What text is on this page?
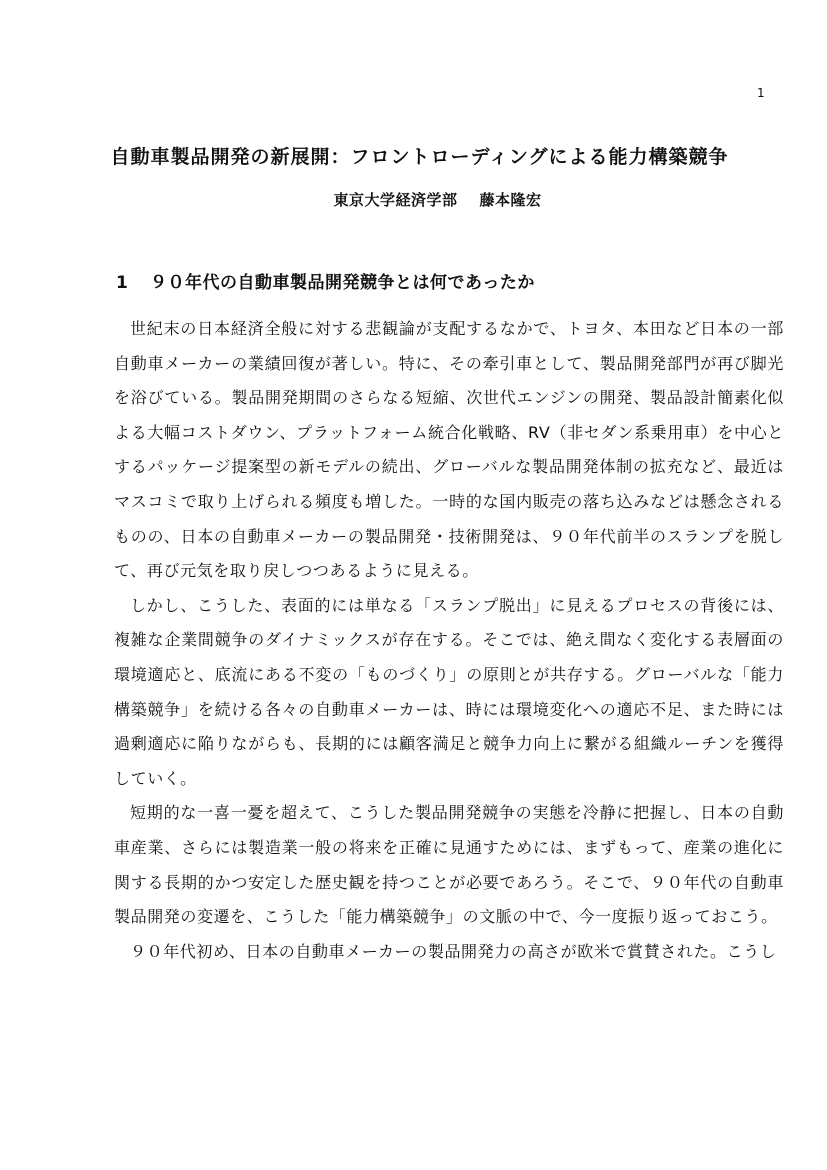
1
自動車製品開発の新展開：フロントローディングによる能力構築競争
東京大学経済学部 藤本隆宏
1 ９０年代の自動車製品開発競争とは何であったか

世紀末の日本経済全般に対する悲観論が支配するなかで、トヨタ、本田など日本の一部自動車メーカーの業績回復が著しい。特に、その牽引車として、製品開発部門が再び脚光を浴びている。製品開発期間のさらなる短縮、次世代エンジンの開発、製品設計簡素化似よる大幅コストダウン、プラットフォーム統合化戦略、RV（非セダン系乗用車）を中心とするパッケージ提案型の新モデルの続出、グローバルな製品開発体制の拡充など、最近はマスコミで取り上げられる頻度も増した。一時的な国内販売の落ち込みなどは懸念されるものの、日本の自動車メーカーの製品開発・技術開発は、９０年代前半のスランプを脱して、再び元気を取り戻しつつあるように見える。

しかし、こうした、表面的には単なる「スランプ脱出」に見えるプロセスの背後には、複雑な企業間競争のダイナミックスが存在する。そこでは、絶え間なく変化する表層面の環境適応と、底流にある不変の「ものづくり」の原則とが共存する。グローバルな「能力構築競争」を続ける各々の自動車メーカーは、時には環境変化への適応不足、また時には過剰適応に陥りながらも、長期的には顧客満足と競争力向上に繋がる組織ルーチンを獲得していく。

短期的な一喜一憂を超えて、こうした製品開発競争の実態を冷静に把握し、日本の自動車産業、さらには製造業一般の将来を正確に見通すためには、まずもって、産業の進化に関する長期的かつ安定した歴史観を持つことが必要であろう。そこで、９０年代の自動車製品開発の変遷を、こうした「能力構築競争」の文脈の中で、今一度振り返っておこう。

９０年代初め、日本の自動車メーカーの製品開発力の高さが欧米で賞賛された。こうし
